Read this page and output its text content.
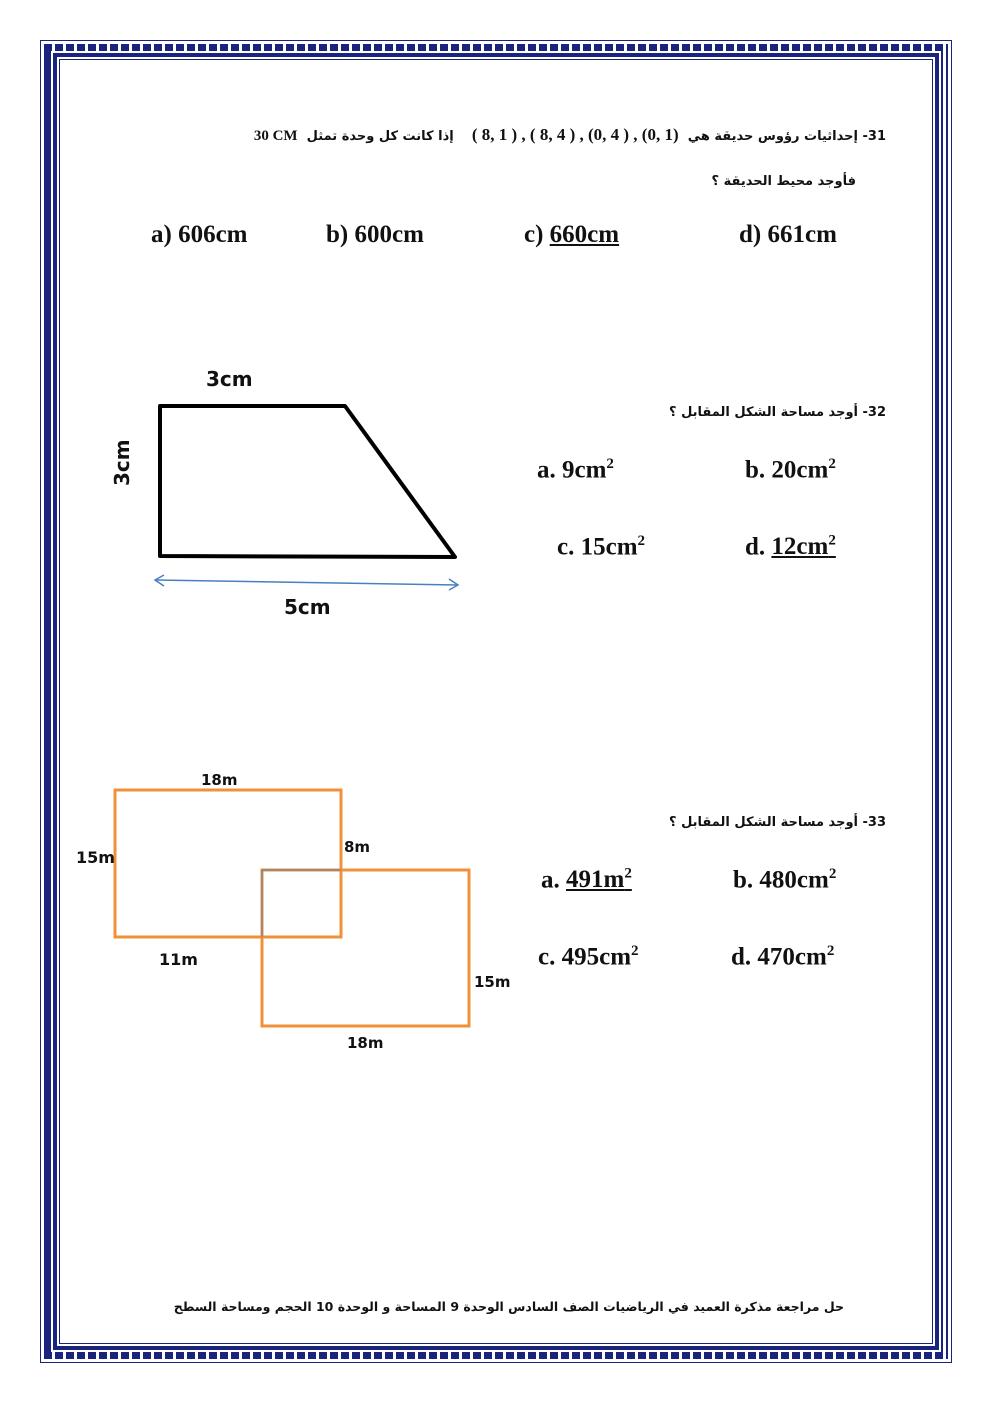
31- إحداثيات رؤوس حديقة هي  ( 8, 1 ) , ( 8, 4 ) , (0, 4 ) , (0, 1)    إذا كانت كل وحدة تمثل  30 CM
فأوجد محيط الحديقة ؟
a) 606cm	b) 600cm	c) 660cm	d) 661cm
3cm
3cm
5cm
32- أوجد مساحة الشكل المقابل ؟
a. $9cm^2$	b. $20cm^2$
c. $15cm^2$	d. $12cm^2$
18m
15m
8m
11m
15m
18m
33- أوجد مساحة الشكل المقابل ؟
a. $491m^2$	b. $480cm^2$
c. $495cm^2$	d. $470cm^2$
حل مراجعة مذكرة العميد في الرياضيات الصف السادس الوحدة 9 المساحة و الوحدة 10 الحجم ومساحة السطح
